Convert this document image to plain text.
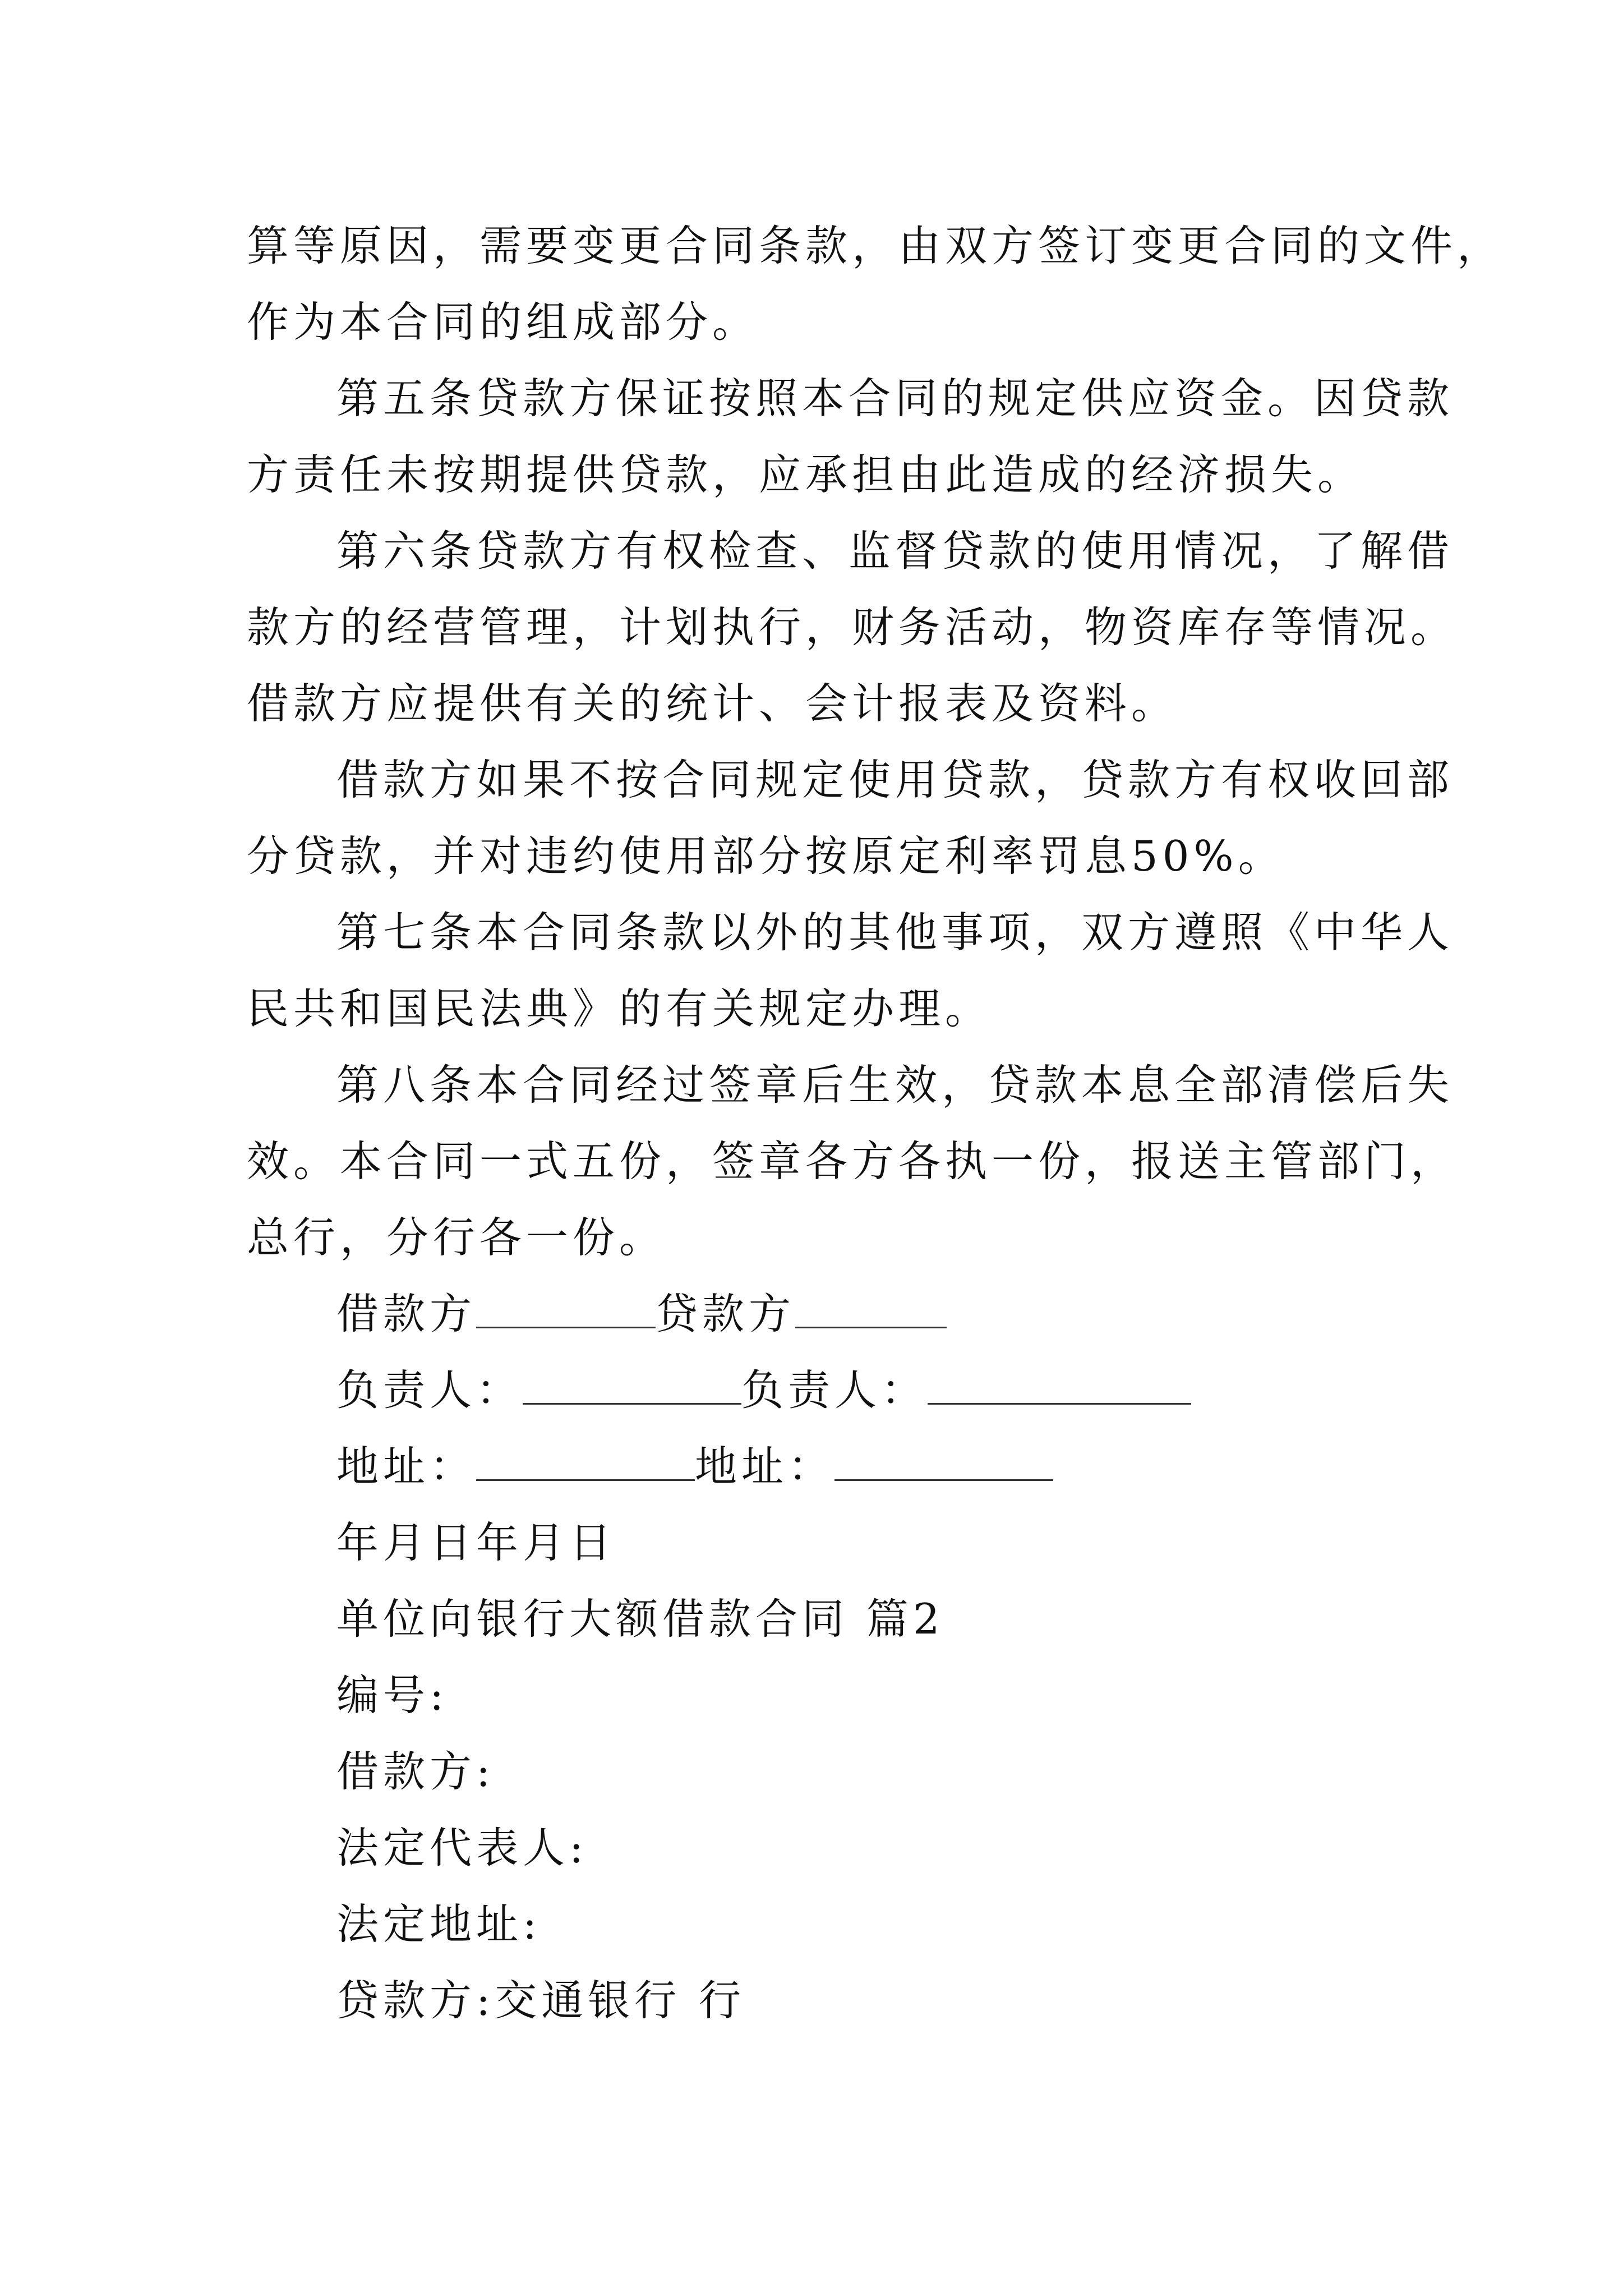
算等原因，需要变更合同条款，由双方签订变更合同的文件，
作为本合同的组成部分。
第五条贷款方保证按照本合同的规定供应资金。因贷款
方责任未按期提供贷款，应承担由此造成的经济损失。
第六条贷款方有权检查、监督贷款的使用情况，了解借
款方的经营管理，计划执行，财务活动，物资库存等情况。
借款方应提供有关的统计、会计报表及资料。
借款方如果不按合同规定使用贷款，贷款方有权收回部
分贷款，并对违约使用部分按原定利率罚息50%。
第七条本合同条款以外的其他事项，双方遵照《中华人
民共和国民法典》的有关规定办理。
第八条本合同经过签章后生效，贷款本息全部清偿后失
效。本合同一式五份，签章各方各执一份，报送主管部门，
总行，分行各一份。
借款方	贷款方
负责人：	负责人：
地址：	地址：
年月日年月日
单位向银行大额借款合同 篇2
编号:
借款方:
法定代表人:
法定地址:
贷款方:交通银行 行
